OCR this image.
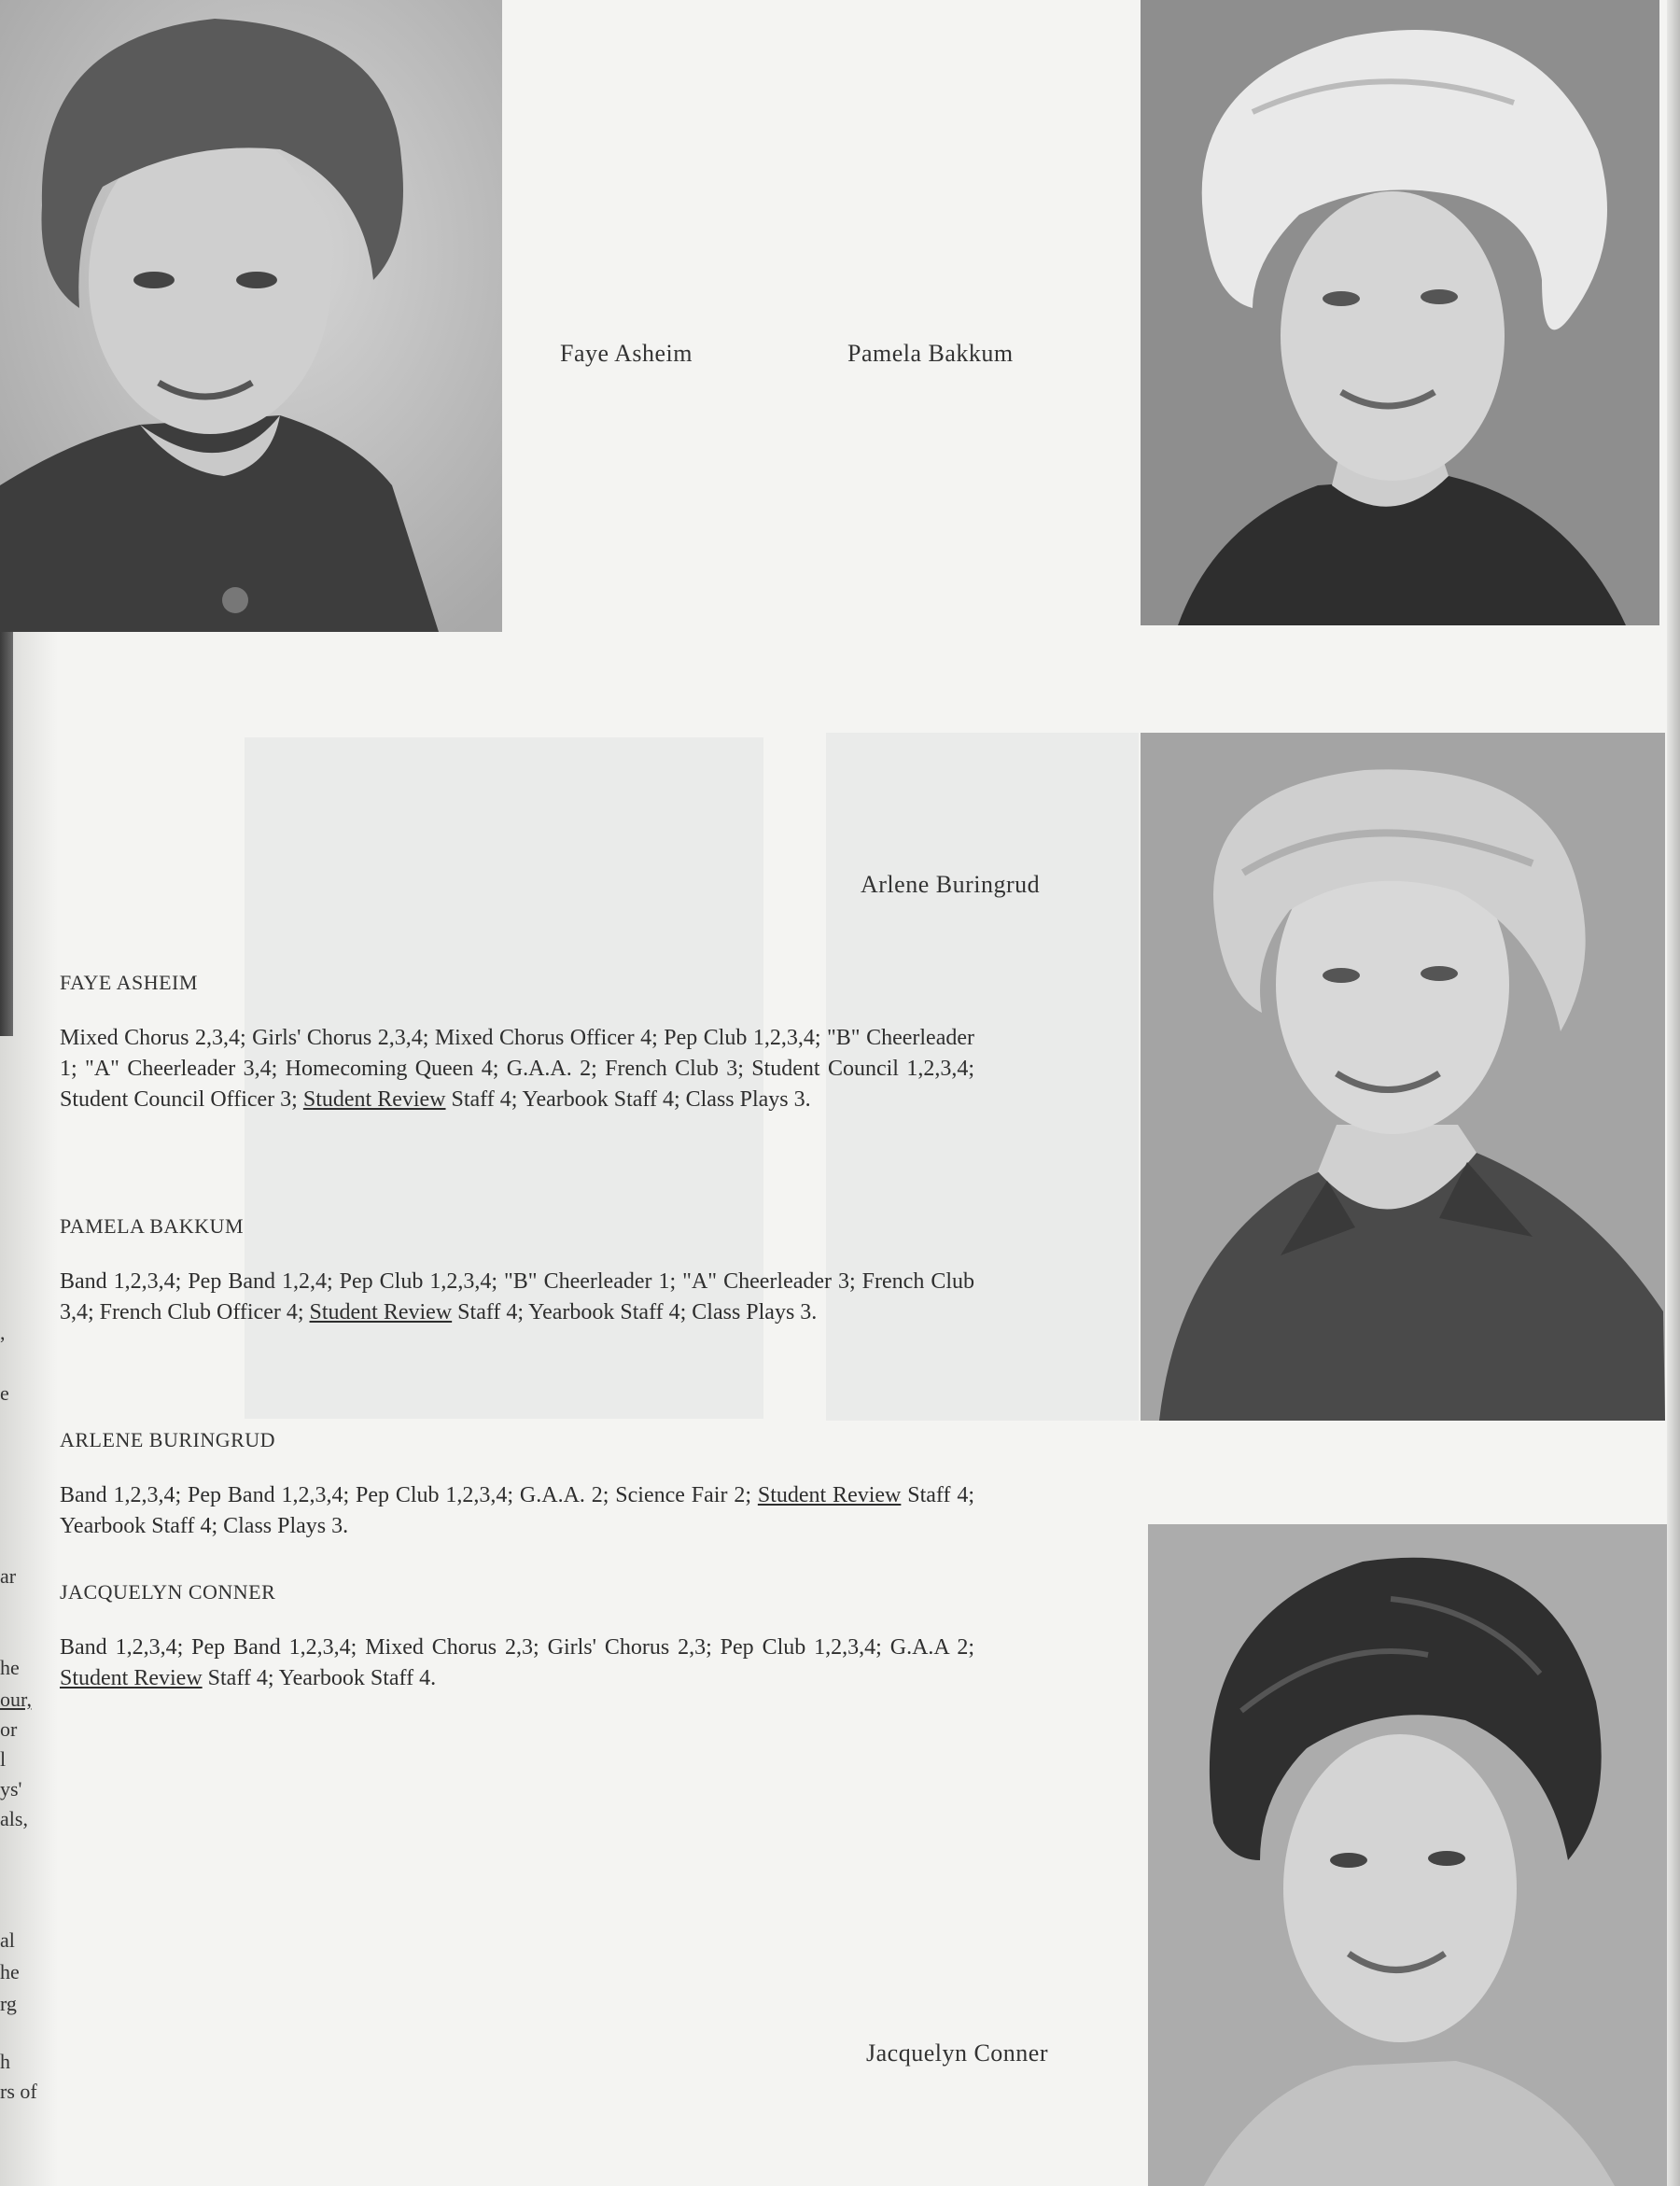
,
e
ar
he
our,
or
l
ys'
als,
al
he
rg
h
rs of
Faye Asheim	Pamela Bakkum
Arlene Buringrud
Jacquelyn Conner
FAYE ASHEIM
Mixed Chorus 2,3,4; Girls' Chorus 2,3,4; Mixed Chorus Officer 4; Pep Club 1,2,3,4; "B" Cheerleader 1; "A" Cheerleader 3,4; Homecoming Queen 4; G.A.A. 2; French Club 3; Student Council 1,2,3,4; Student Council Officer 3; Student Review Staff 4; Yearbook Staff 4; Class Plays 3.
PAMELA BAKKUM
Band 1,2,3,4; Pep Band 1,2,4; Pep Club 1,2,3,4; "B" Cheerleader 1; "A" Cheerleader 3; French Club 3,4; French Club Officer 4; Student Review Staff 4; Yearbook Staff 4; Class Plays 3.
ARLENE BURINGRUD
Band 1,2,3,4; Pep Band 1,2,3,4; Pep Club 1,2,3,4; G.A.A. 2; Science Fair 2; Student Review Staff 4; Yearbook Staff 4; Class Plays 3.
JACQUELYN CONNER
Band 1,2,3,4; Pep Band 1,2,3,4; Mixed Chorus 2,3; Girls' Chorus 2,3; Pep Club 1,2,3,4; G.A.A 2; Student Review Staff 4; Yearbook Staff 4.
